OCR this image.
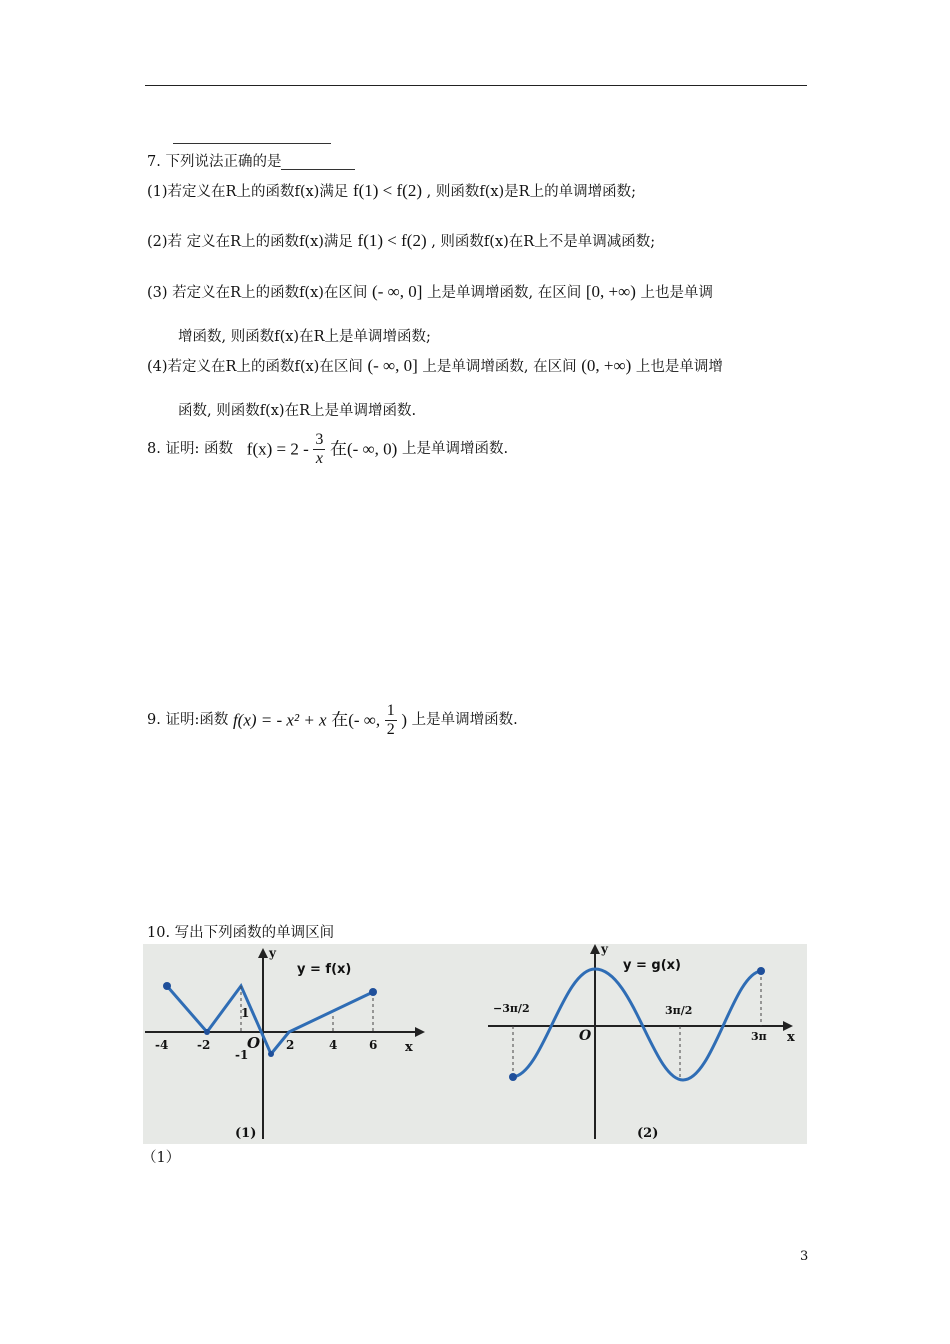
7. 下列说法正确的是
(1)若定义在R上的函数f(x)满足 f(1) < f(2) , 则函数f(x)是R上的单调增函数;
(2)若 定义在R上的函数f(x)满足 f(1) < f(2) , 则函数f(x)在R上不是单调减函数;
(3) 若定义在R上的函数f(x)在区间 (- ∞, 0] 上是单调增函数, 在区间 [0, +∞) 上也是单调
增函数, 则函数f(x)在R上是单调增函数;
(4)若定义在R上的函数f(x)在区间 (- ∞, 0] 上是单调增函数, 在区间 (0, +∞) 上也是单调增
函数, 则函数f(x)在R上是单调增函数.
8. 证明: 函数 $f(x) = 2 - \frac{3}{x}$ 在(- ∞, 0) 上是单调增函数.
9. 证明:函数 f(x) = - x² + x 在(- ∞, $\frac{1}{2}$ ) 上是单调增函数.
10. 写出下列函数的单调区间
y = f(x)
y
x
O
-4 -2	2	4	6
1
-1
(1)
y = g(x)
y
x
O
−3π/2	3π/2
3π
(2)
（1）
3
